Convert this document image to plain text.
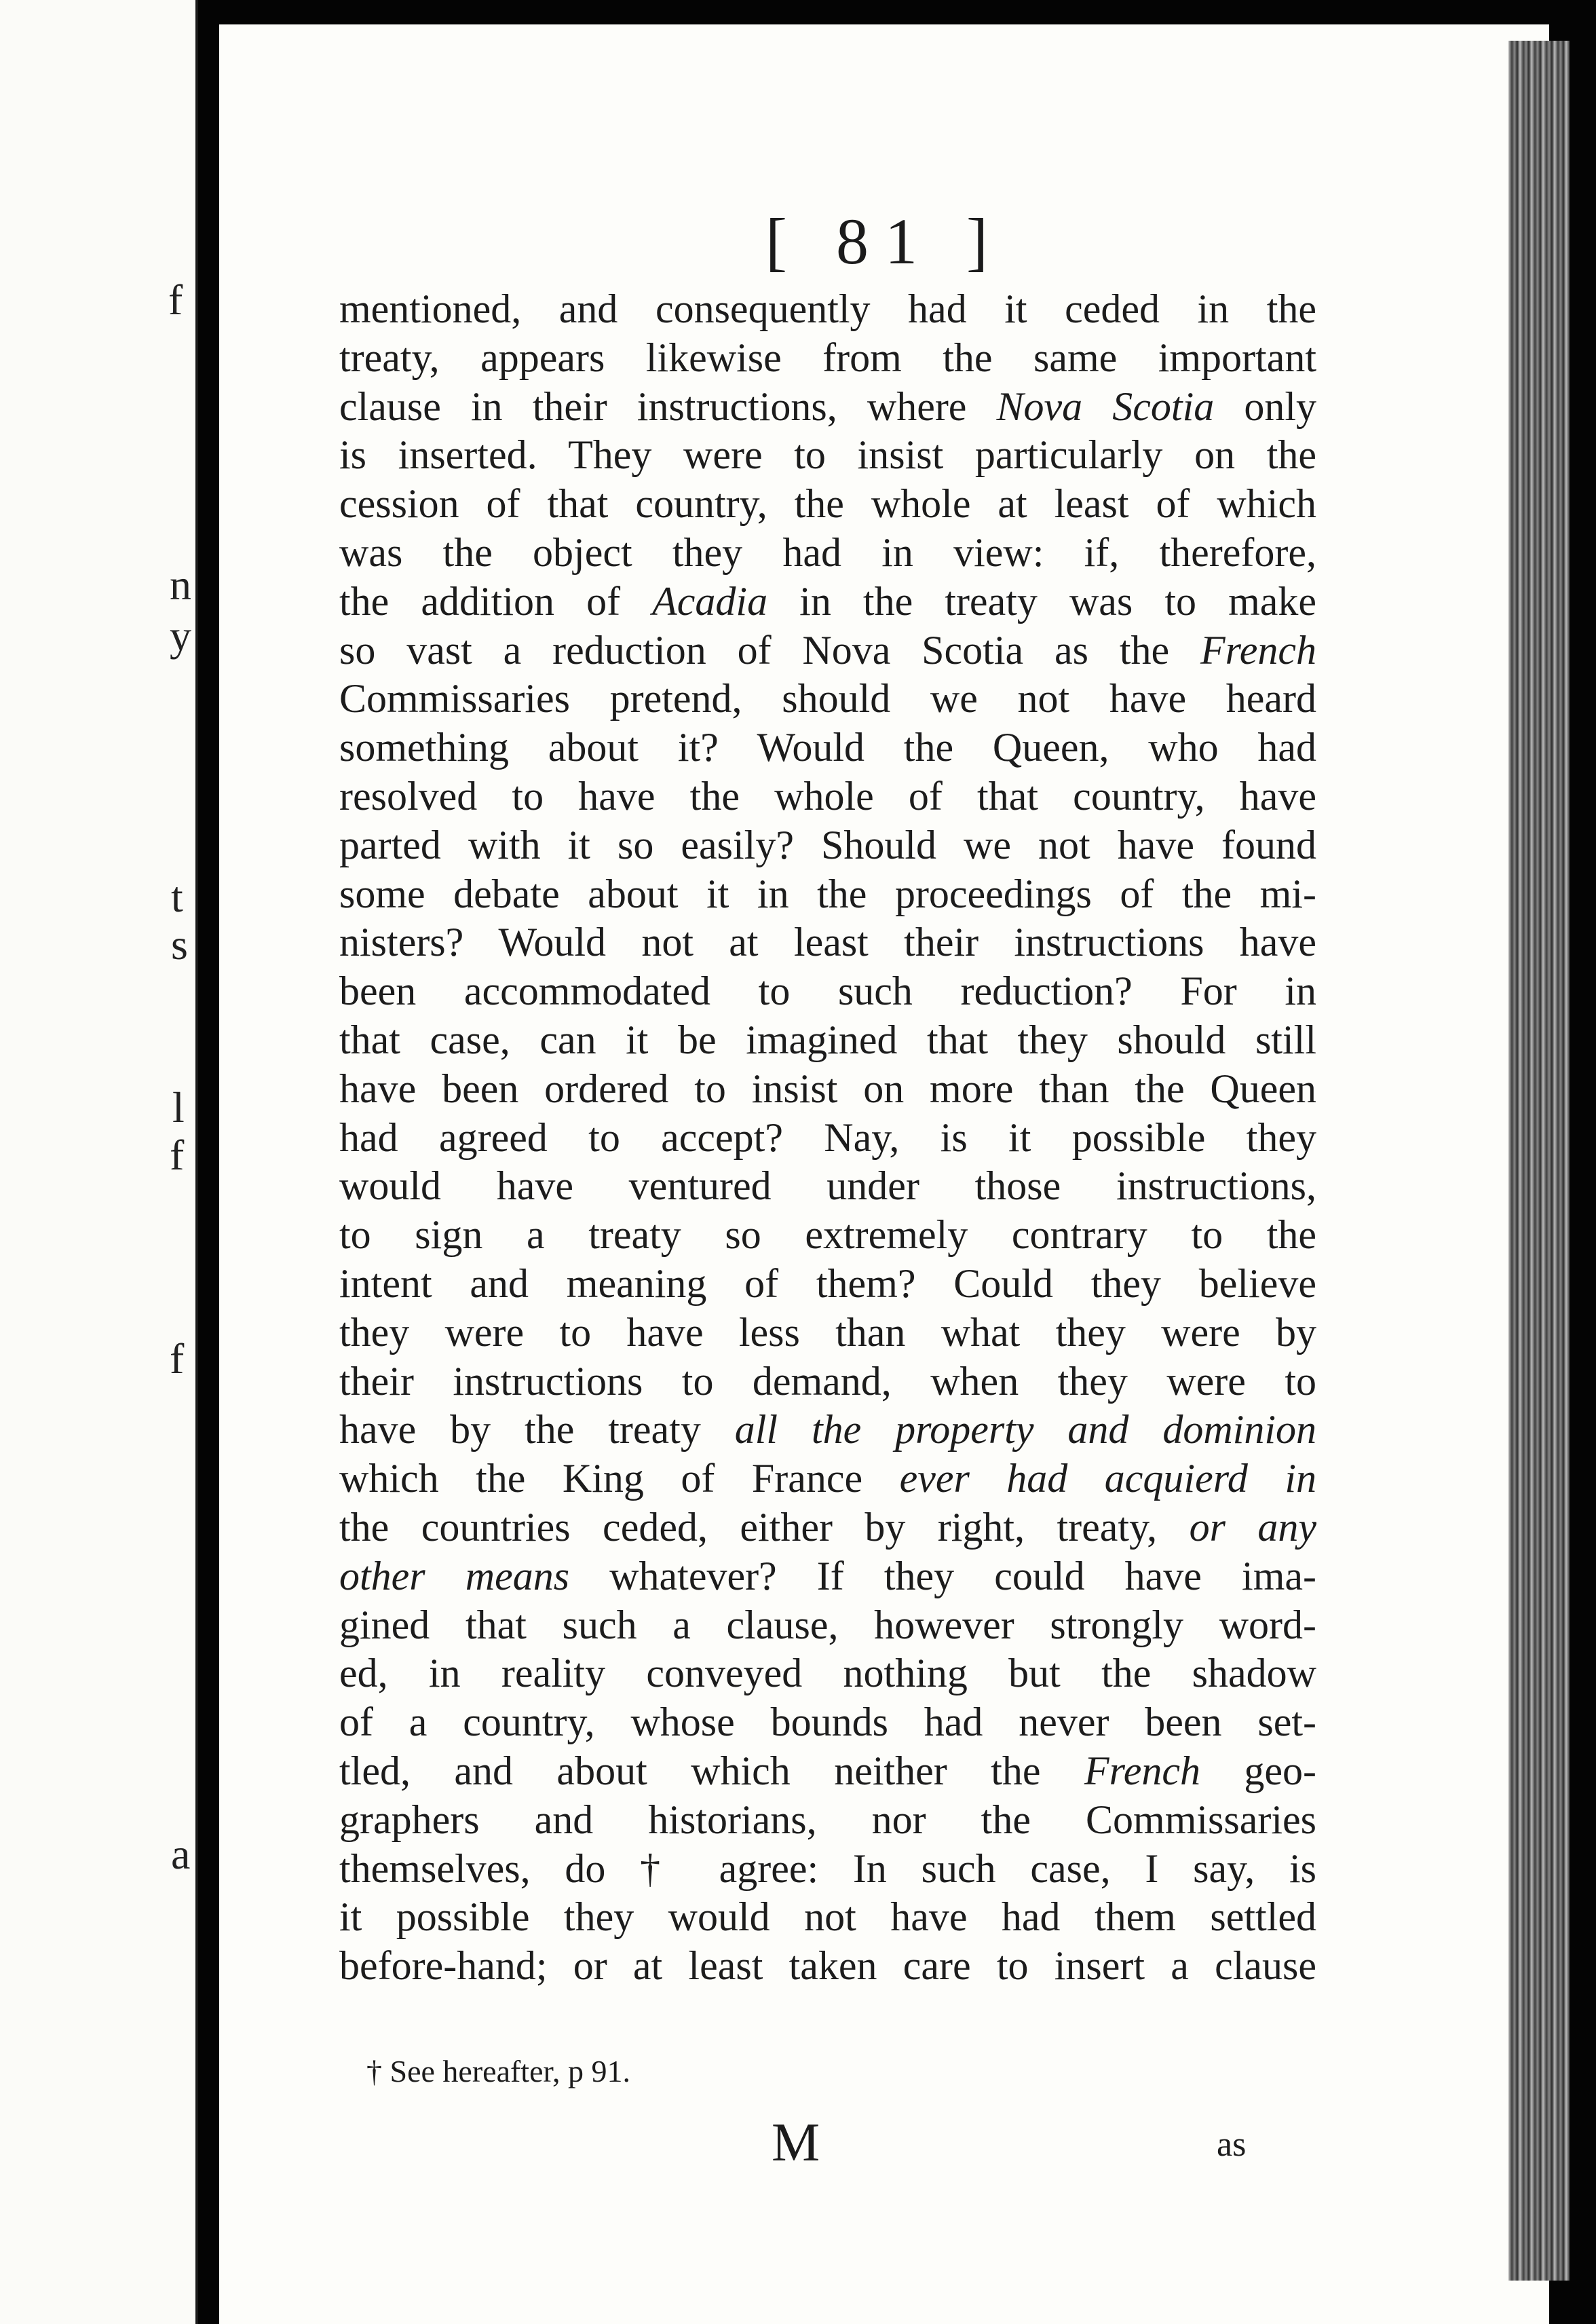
f
n
y
t
s
l
f
f
a
[ 81 ]
mentioned, and consequently had it ceded in the
treaty, appears likewise from the same important
clause in their instructions, where Nova Scotia only
is inserted. They were to insist particularly on the
cession of that country, the whole at least of which
was the object they had in view: if, therefore,
the addition of Acadia in the treaty was to make
so vast a reduction of Nova Scotia as the French
Commissaries pretend, should we not have heard
something about it? Would the Queen, who had
resolved to have the whole of that country, have
parted with it so easily? Should we not have found
some debate about it in the proceedings of the mi-
nisters? Would not at least their instructions have
been accommodated to such reduction? For in
that case, can it be imagined that they should still
have been ordered to insist on more than the Queen
had agreed to accept? Nay, is it possible they
would have ventured under those instructions,
to sign a treaty so extremely contrary to the
intent and meaning of them? Could they believe
they were to have less than what they were by
their instructions to demand, when they were to
have by the treaty all the property and dominion
which the King of France ever had acquierd in
the countries ceded, either by right, treaty, or any
other means whatever? If they could have ima-
gined that such a clause, however strongly word-
ed, in reality conveyed nothing but the shadow
of a country, whose bounds had never been set-
tled, and about which neither the French geo-
graphers and historians, nor the Commissaries
themselves, do † agree: In such case, I say, is
it possible they would not have had them settled
before-hand; or at least taken care to insert a clause
† See hereafter, p 91.
M	as
